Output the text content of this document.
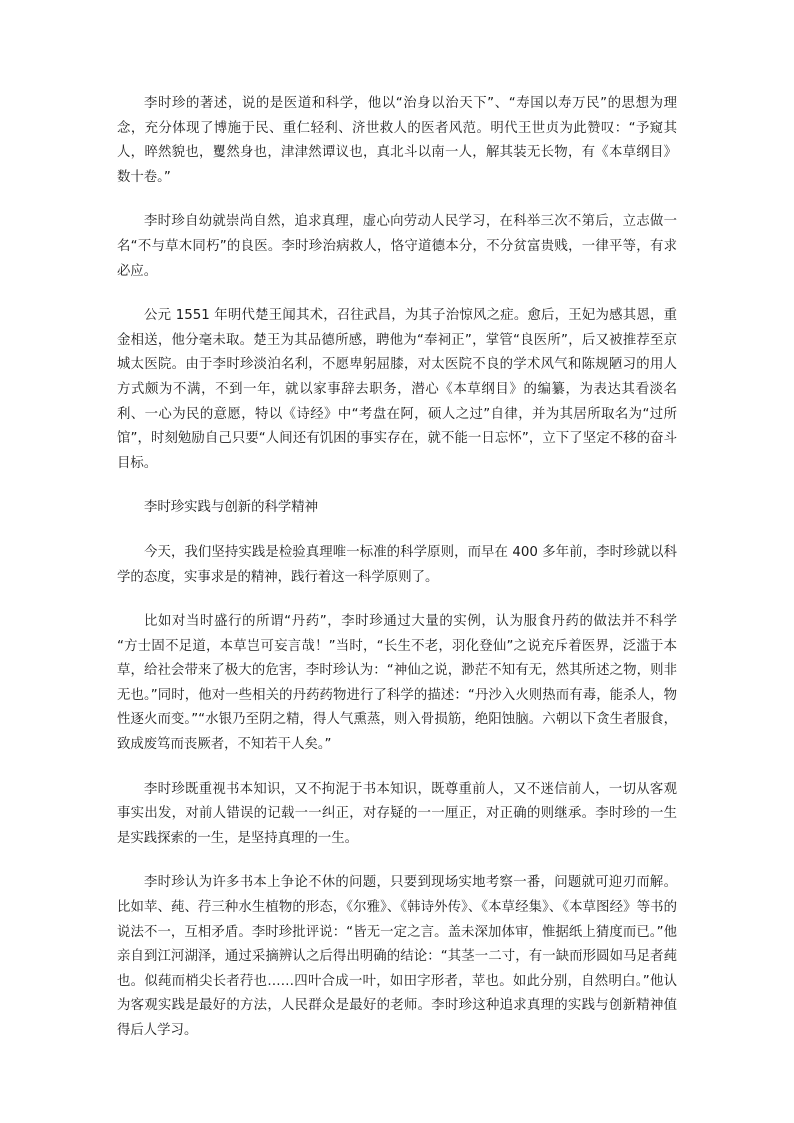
李时珍的著述，说的是医道和科学，他以“治身以治天下”、“寿国以寿万民”的思想为理念，充分体现了博施于民、重仁轻利、济世救人的医者风范。明代王世贞为此赞叹：“予窥其人，晬然貌也，矍然身也，津津然谭议也，真北斗以南一人，解其装无长物，有《本草纲目》数十卷。”

李时珍自幼就崇尚自然，追求真理，虚心向劳动人民学习，在科举三次不第后，立志做一名“不与草木同朽”的良医。李时珍治病救人，恪守道德本分，不分贫富贵贱，一律平等，有求必应。

公元 1551 年明代楚王闻其术，召往武昌，为其子治惊风之症。愈后，王妃为感其恩，重金相送，他分毫未取。楚王为其品德所感，聘他为“奉祠正”，掌管“良医所”，后又被推荐至京城太医院。由于李时珍淡泊名利，不愿卑躬屈膝，对太医院不良的学术风气和陈规陋习的用人方式颇为不满，不到一年，就以家事辞去职务，潜心《本草纲目》的编纂，为表达其看淡名利、一心为民的意愿，特以《诗经》中“考盘在阿，硕人之过”自律，并为其居所取名为“过所馆”，时刻勉励自己只要“人间还有饥困的事实存在，就不能一日忘怀”，立下了坚定不移的奋斗目标。

李时珍实践与创新的科学精神

今天，我们坚持实践是检验真理唯一标准的科学原则，而早在 400 多年前，李时珍就以科学的态度，实事求是的精神，践行着这一科学原则了。

比如对当时盛行的所谓“丹药”，李时珍通过大量的实例，认为服食丹药的做法并不科学 “方士固不足道，本草岂可妄言哉！”当时，“长生不老，羽化登仙”之说充斥着医界，泛滥于本草，给社会带来了极大的危害，李时珍认为：“神仙之说，渺茫不知有无，然其所述之物，则非无也。”同时，他对一些相关的丹药药物进行了科学的描述：“丹沙入火则热而有毒，能杀人，物性逐火而变。”“水银乃至阴之精，得人气熏蒸，则入骨损筋，绝阳蚀脑。六朝以下贪生者服食，致成废笃而丧厥者，不知若干人矣。”

李时珍既重视书本知识，又不拘泥于书本知识，既尊重前人，又不迷信前人，一切从客观事实出发，对前人错误的记载一一纠正，对存疑的一一厘正，对正确的则继承。李时珍的一生是实践探索的一生，是坚持真理的一生。

李时珍认为许多书本上争论不休的问题，只要到现场实地考察一番，问题就可迎刃而解。比如苹、莼、荇三种水生植物的形态，《尔雅》、《韩诗外传》、《本草经集》、《本草图经》等书的说法不一，互相矛盾。李时珍批评说：“皆无一定之言。盖未深加体审，惟据纸上猜度而已。”他亲自到江河湖泽，通过采摘辨认之后得出明确的结论：“其茎一二寸，有一缺而形圆如马足者莼也。似莼而梢尖长者荇也……四叶合成一叶，如田字形者，苹也。如此分别，自然明白。”他认为客观实践是最好的方法，人民群众是最好的老师。李时珍这种追求真理的实践与创新精神值得后人学习。
